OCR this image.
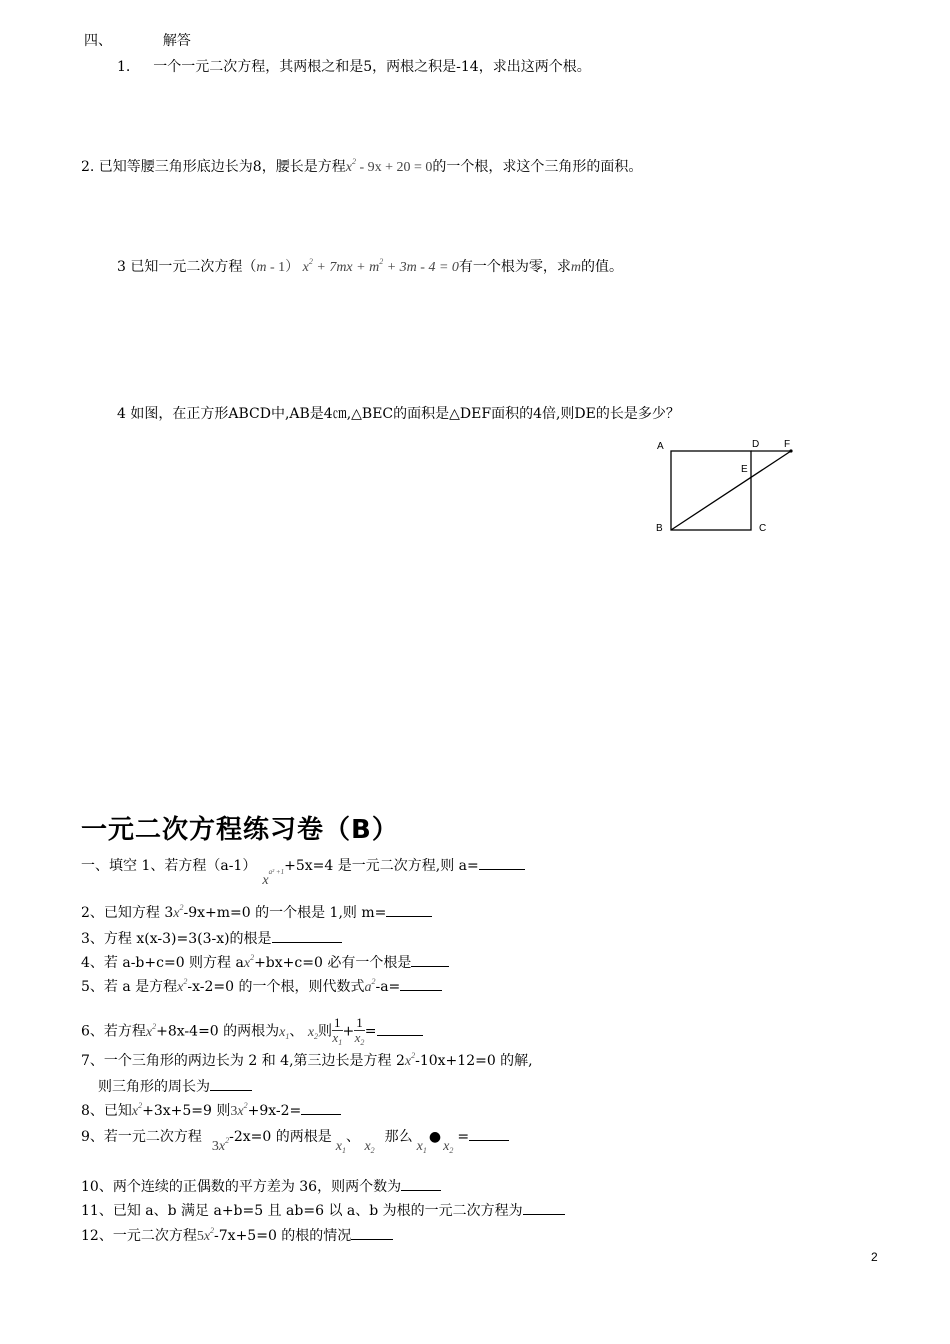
四、	解答
1. 一个一元二次方程，其两根之和是5，两根之积是-14，求出这两个根。
2. 已知等腰三角形底边长为8，腰长是方程$x^2 - 9x + 20 = 0$的一个根，求这个三角形的面积。
3 已知一元二次方程（m - 1） $x^2 + 7mx + m^2 + 3m - 4 = 0$有一个根为零，求m的值。
4 如图，在正方形ABCD中,AB是4㎝,△BEC的面积是△DEF面积的4倍,则DE的长是多少？
A	D F
E
B	C
一元二次方程练习卷（B）
一、填空 1、若方程$(a-1)x^{a^2 +1}+5x=4$ 是一元二次方程,则 a=
2、已知方程 $3x^2-9x+m=0$ 的一个根是 1,则 m=
3、方程 x(x-3)=3(3-x)的根是
4、若 a-b+c=0 则方程 $ax^2+bx+c=0$ 必有一个根是
5、若 a 是方程$x^2-x-2=0$ 的一个根，则代数式$a^2-a=$
6、若方程$x^2+8x-4=0$ 的两根为$x_1$、 $x_2$则 $\frac{1}{x_1} + \frac{1}{x_2}$ =
7、一个三角形的两边长为 2 和 4,第三边长是方程 $2x^2-10x+12=0$ 的解,
则三角形的周长为
8、已知$x^2+3x+5=9$ 则$3x^2+9x-2=$
9、若一元二次方程$3x^2-2x=0$ 的两根是$x_1$、 $x_2$那么$x_1●x_2=$
10、两个连续的正偶数的平方差为 36，则两个数为
11、已知 a、b 满足 a+b=5 且 ab=6 以 a、b 为根的一元二次方程为
12、一元二次方程$5x^2-7x+5=0$ 的根的情况
2
